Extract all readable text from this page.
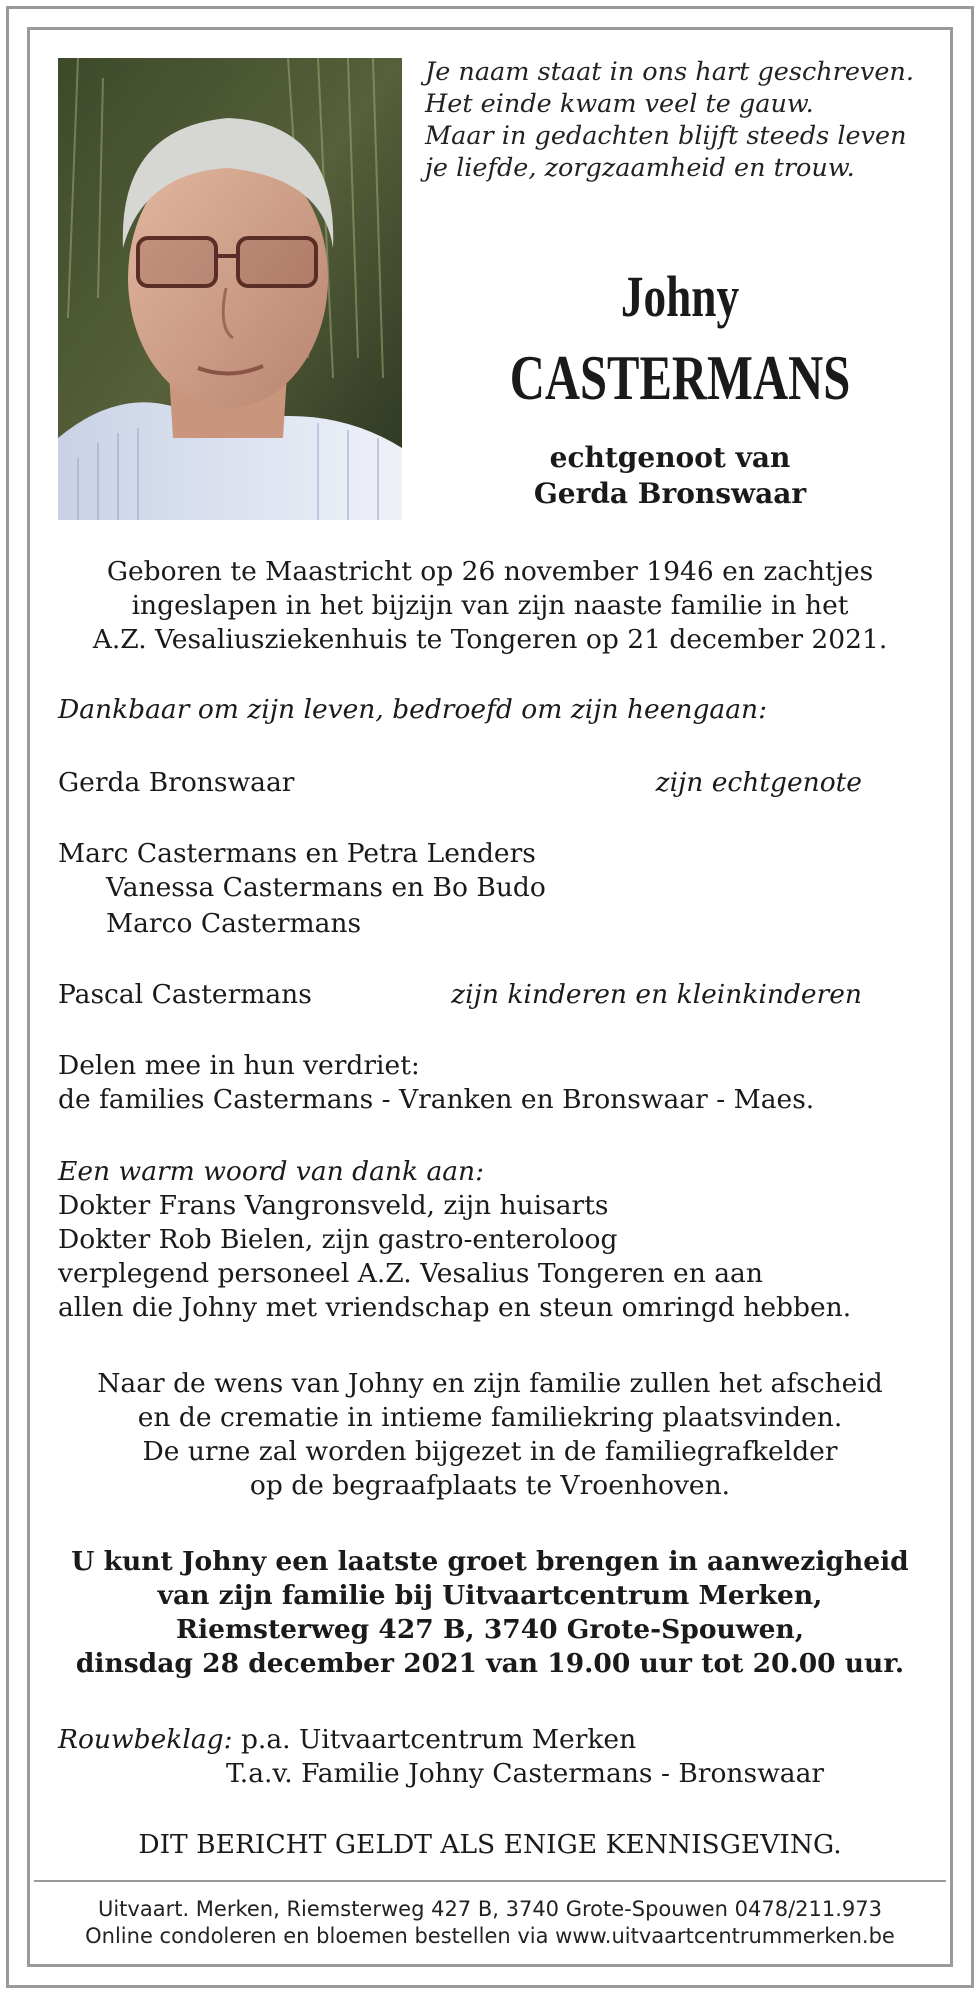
Je naam staat in ons hart geschreven.
Het einde kwam veel te gauw.
Maar in gedachten blijft steeds leven
je liefde, zorgzaamheid en trouw.
Johny
CASTERMANS
echtgenoot van
Gerda Bronswaar
Geboren te Maastricht op 26 november 1946 en zachtjes
ingeslapen in het bijzijn van zijn naaste familie in het
A.Z. Vesaliusziekenhuis te Tongeren op 21 december 2021.
Dankbaar om zijn leven, bedroefd om zijn heengaan:
Gerda Bronswaar	zijn echtgenote
Marc Castermans en Petra Lenders
Vanessa Castermans en Bo Budo
Marco Castermans
Pascal Castermans	zijn kinderen en kleinkinderen
Delen mee in hun verdriet:
de families Castermans - Vranken en Bronswaar - Maes.
Een warm woord van dank aan:
Dokter Frans Vangronsveld, zijn huisarts
Dokter Rob Bielen, zijn gastro-enteroloog
verplegend personeel A.Z. Vesalius Tongeren en aan
allen die Johny met vriendschap en steun omringd hebben.
Naar de wens van Johny en zijn familie zullen het afscheid
en de crematie in intieme familiekring plaatsvinden.
De urne zal worden bijgezet in de familiegrafkelder
op de begraafplaats te Vroenhoven.
U kunt Johny een laatste groet brengen in aanwezigheid
van zijn familie bij Uitvaartcentrum Merken,
Riemsterweg 427 B, 3740 Grote-Spouwen,
dinsdag 28 december 2021 van 19.00 uur tot 20.00 uur.
Rouwbeklag: p.a. Uitvaartcentrum Merken
T.a.v. Familie Johny Castermans - Bronswaar
DIT BERICHT GELDT ALS ENIGE KENNISGEVING.
Uitvaart. Merken, Riemsterweg 427 B, 3740 Grote-Spouwen 0478/211.973
Online condoleren en bloemen bestellen via www.uitvaartcentrummerken.be
